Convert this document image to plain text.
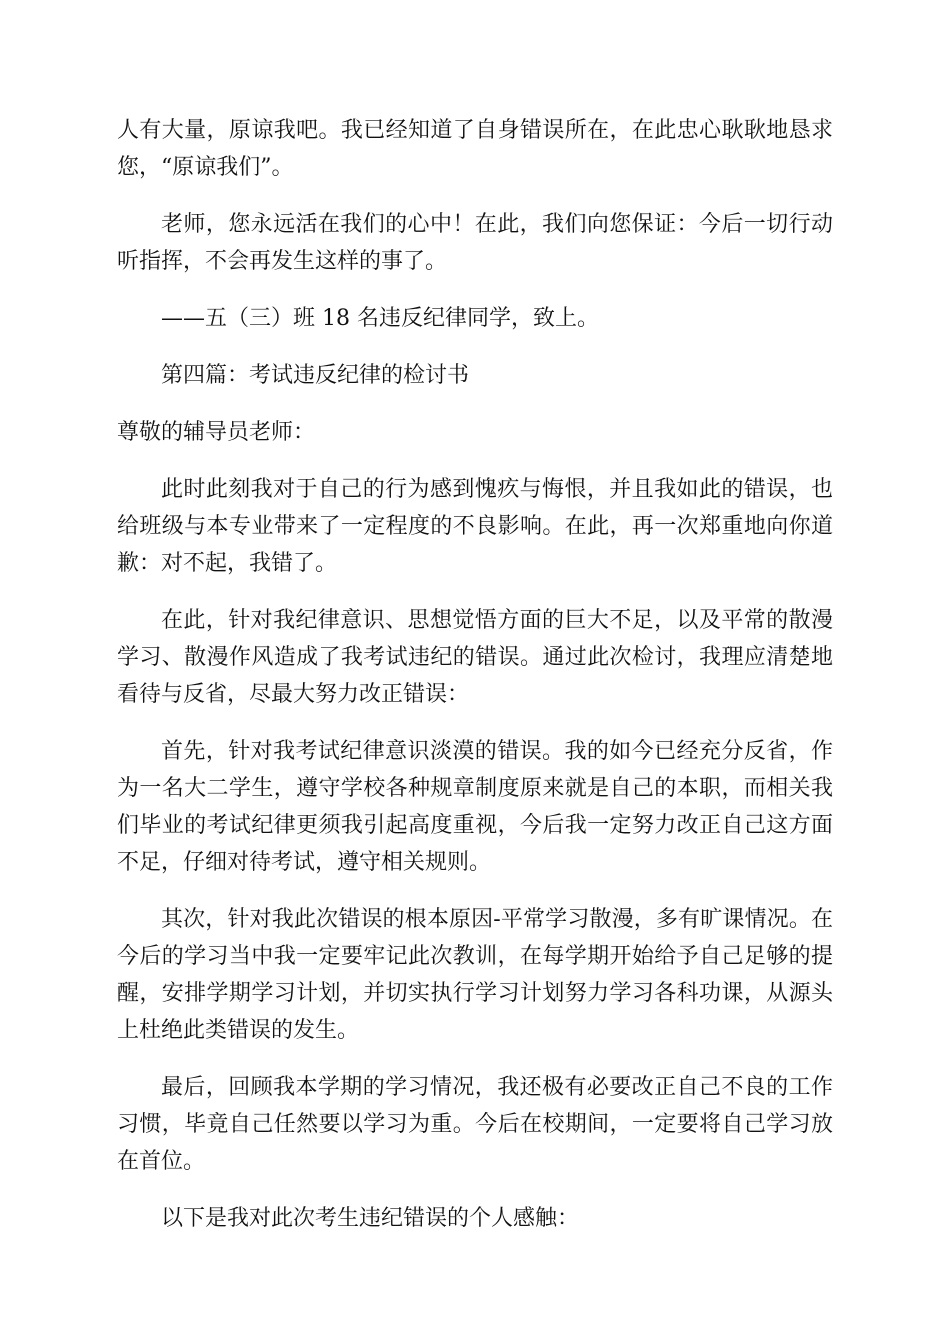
人有大量，原谅我吧。我已经知道了自身错误所在，在此忠心耿耿地恳求您，“原谅我们”。

老师，您永远活在我们的心中！在此，我们向您保证：今后一切行动听指挥，不会再发生这样的事了。

——五（三）班 18 名违反纪律同学，致上。

第四篇：考试违反纪律的检讨书

尊敬的辅导员老师：

此时此刻我对于自己的行为感到愧疚与悔恨，并且我如此的错误，也给班级与本专业带来了一定程度的不良影响。在此，再一次郑重地向你道歉：对不起，我错了。

在此，针对我纪律意识、思想觉悟方面的巨大不足，以及平常的散漫学习、散漫作风造成了我考试违纪的错误。通过此次检讨，我理应清楚地看待与反省，尽最大努力改正错误：

首先，针对我考试纪律意识淡漠的错误。我的如今已经充分反省，作为一名大二学生，遵守学校各种规章制度原来就是自己的本职，而相关我们毕业的考试纪律更须我引起高度重视，今后我一定努力改正自己这方面不足，仔细对待考试，遵守相关规则。

其次，针对我此次错误的根本原因-平常学习散漫，多有旷课情况。在今后的学习当中我一定要牢记此次教训，在每学期开始给予自己足够的提醒，安排学期学习计划，并切实执行学习计划努力学习各科功课，从源头上杜绝此类错误的发生。

最后，回顾我本学期的学习情况，我还极有必要改正自己不良的工作习惯，毕竟自己任然要以学习为重。今后在校期间，一定要将自己学习放在首位。

以下是我对此次考生违纪错误的个人感触：
